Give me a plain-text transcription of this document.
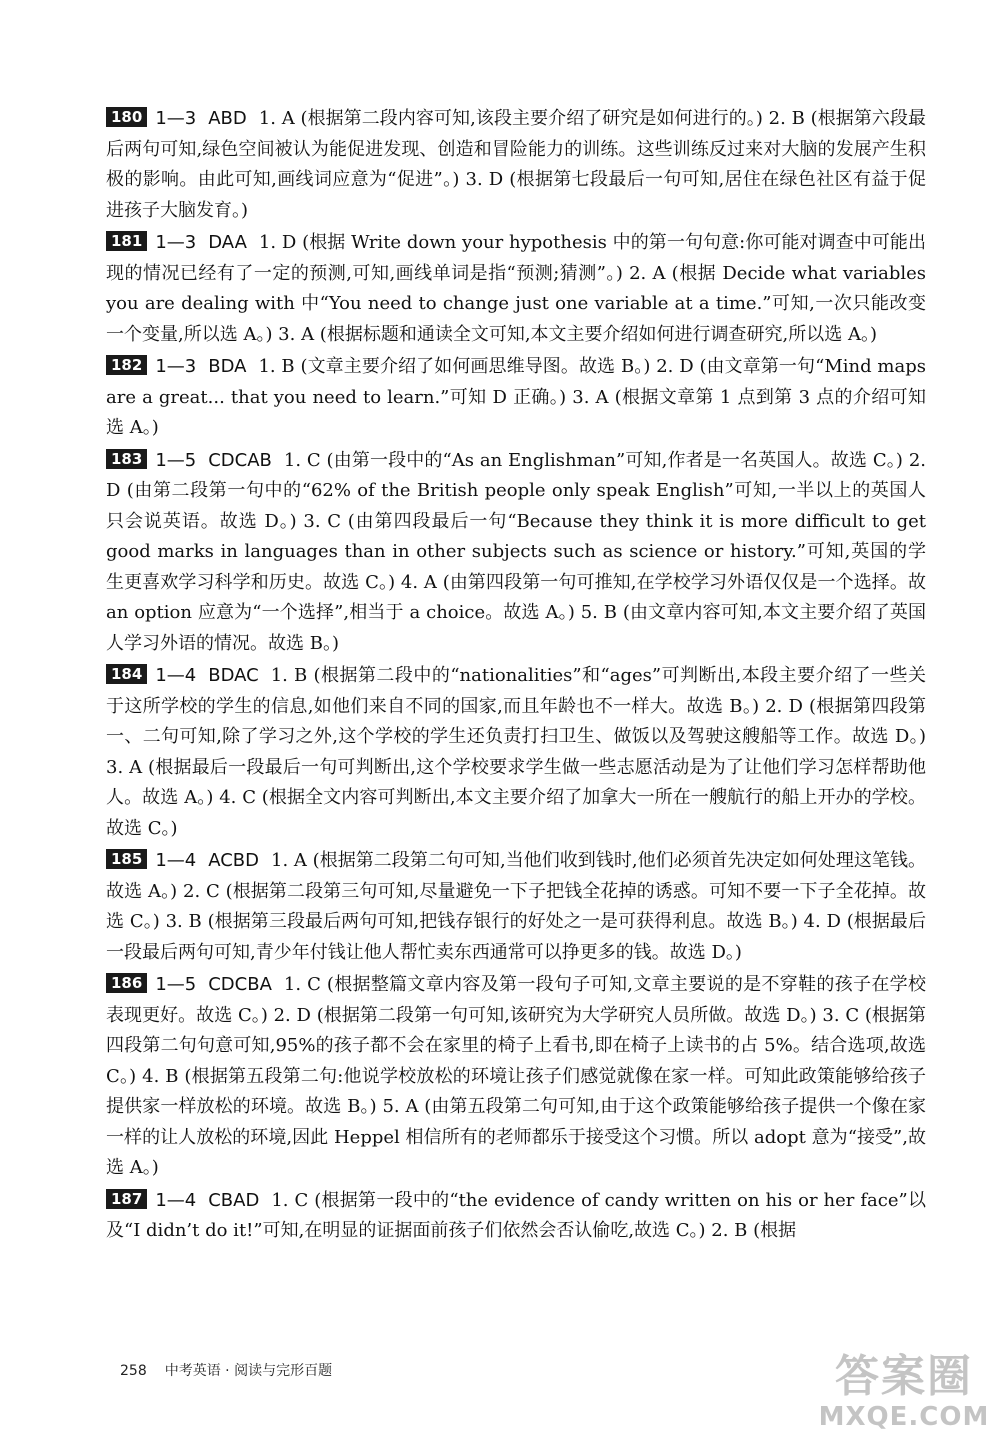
180 1—3 ABD 1. A (根据第二段内容可知,该段主要介绍了研究是如何进行的。) 2. B (根据第六段最后两句可知,绿色空间被认为能促进发现、创造和冒险能力的训练。这些训练反过来对大脑的发展产生积极的影响。由此可知,画线词应意为“促进”。) 3. D (根据第七段最后一句可知,居住在绿色社区有益于促进孩子大脑发育。)

181 1—3 DAA 1. D (根据 Write down your hypothesis 中的第一句句意:你可能对调查中可能出现的情况已经有了一定的预测,可知,画线单词是指“预测;猜测”。) 2. A (根据 Decide what variables you are dealing with 中“You need to change just one variable at a time.”可知,一次只能改变一个变量,所以选 A。) 3. A (根据标题和通读全文可知,本文主要介绍如何进行调查研究,所以选 A。)

182 1—3 BDA 1. B (文章主要介绍了如何画思维导图。故选 B。) 2. D (由文章第一句“Mind maps are a great... that you need to learn.”可知 D 正确。) 3. A (根据文章第 1 点到第 3 点的介绍可知选 A。)

183 1—5 CDCAB 1. C (由第一段中的“As an Englishman”可知,作者是一名英国人。故选 C。) 2. D (由第二段第一句中的“62% of the British people only speak English”可知,一半以上的英国人只会说英语。故选 D。) 3. C (由第四段最后一句“Because they think it is more difficult to get good marks in languages than in other subjects such as science or history.”可知,英国的学生更喜欢学习科学和历史。故选 C。) 4. A (由第四段第一句可推知,在学校学习外语仅仅是一个选择。故 an option 应意为“一个选择”,相当于 a choice。故选 A。) 5. B (由文章内容可知,本文主要介绍了英国人学习外语的情况。故选 B。)

184 1—4 BDAC 1. B (根据第二段中的“nationalities”和“ages”可判断出,本段主要介绍了一些关于这所学校的学生的信息,如他们来自不同的国家,而且年龄也不一样大。故选 B。) 2. D (根据第四段第一、二句可知,除了学习之外,这个学校的学生还负责打扫卫生、做饭以及驾驶这艘船等工作。故选 D。) 3. A (根据最后一段最后一句可判断出,这个学校要求学生做一些志愿活动是为了让他们学习怎样帮助他人。故选 A。) 4. C (根据全文内容可判断出,本文主要介绍了加拿大一所在一艘航行的船上开办的学校。故选 C。)

185 1—4 ACBD 1. A (根据第二段第二句可知,当他们收到钱时,他们必须首先决定如何处理这笔钱。故选 A。) 2. C (根据第二段第三句可知,尽量避免一下子把钱全花掉的诱惑。可知不要一下子全花掉。故选 C。) 3. B (根据第三段最后两句可知,把钱存银行的好处之一是可获得利息。故选 B。) 4. D (根据最后一段最后两句可知,青少年付钱让他人帮忙卖东西通常可以挣更多的钱。故选 D。)

186 1—5 CDCBA 1. C (根据整篇文章内容及第一段句子可知,文章主要说的是不穿鞋的孩子在学校表现更好。故选 C。) 2. D (根据第二段第一句可知,该研究为大学研究人员所做。故选 D。) 3. C (根据第四段第二句句意可知,95%的孩子都不会在家里的椅子上看书,即在椅子上读书的占 5%。结合选项,故选 C。) 4. B (根据第五段第二句:他说学校放松的环境让孩子们感觉就像在家一样。可知此政策能够给孩子提供家一样放松的环境。故选 B。) 5. A (由第五段第二句可知,由于这个政策能够给孩子提供一个像在家一样的让人放松的环境,因此 Heppel 相信所有的老师都乐于接受这个习惯。所以 adopt 意为“接受”,故选 A。)

187 1—4 CBAD 1. C (根据第一段中的“the evidence of candy written on his or her face”以及“I didn’t do it!”可知,在明显的证据面前孩子们依然会否认偷吃,故选 C。) 2. B (根据

258 中考英语 · 阅读与完形百题	答案圈
MXQE.COM
